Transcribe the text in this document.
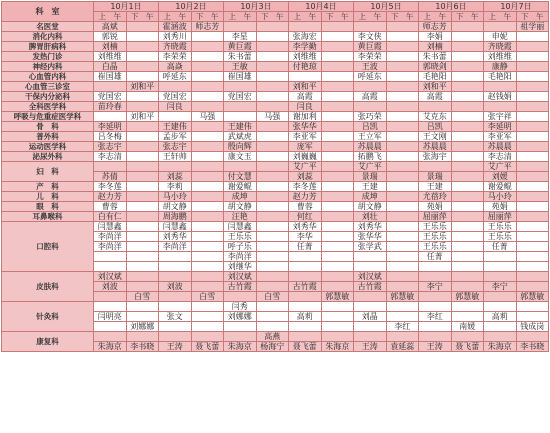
科　室	10月1日		10月2日		10月3日		10月4日		10月5日		10月6日		10月7日	
	上　午	下　午	上　午	下　午	上　午	下　午	上　午	下　午	上　午	下　午	上　午	下　午	上　午	下　午
名医堂	高斌		霍涵波	师志芳							师志芳			祖学丽
消化内科	郭锐		刘秀川		李星		张海宏		李文侠		李娟		申妮	
脾胃肝病科	刘楠		齐晓霞		黄巨霞		李学勤		黄巨霞		刘楠		齐晓霞	
发热门诊	刘维维		李荣荣		朱书蕾		刘维维		李荣荣		朱书蕾		刘维维	
神经内科	白晶		高焱		王敏		付艳琼		王波		郭晓剑		康静	
心血管内科	崔国雄		呼延东		崔国雄				呼延东		毛艳阳		毛艳阳	
心血管三诊室		刘和平					刘和平				刘和平			
干保内分泌科	党国宏		党国宏		党国宏		高霞		高霞		高霞		赵钱娟	
全科医学科	苗玲春		闫良				闫良							
呼吸与危重症医学科		刘和平		马强		马强	谢加利		张巧荣		艾克东		张宇祥	
骨　科	李延明		王建伟		王建伟		张华华		吕凯		吕凯		李延明	
普外科	吕冬梅		孟步军		武斌虎		李亚军		王立军		王文刚		李亚军	
运动医学科	张志宇		张志宇		殷向辉		庞军		苏晨晨		苏晨晨		苏晨晨	
泌尿外科	李志清		王轩帅		康文玉		刘巍巍		拓鹏飞		张海宇		李志清	
妇　科							艾广平		艾广平				艾广平	
	苏倩		刘蕊		付文慧		刘蕊		景瑞		景瑞		刘媛	
产　科	李冬莲		李莉		谢爱鲲		李冬莲		王建		王建		谢爱鲲	
儿　科	赵力芳		马小玲		成坤		赵力芳		成坤		尤蓓玲		马小玲	
眼　科	曹蓉		胡文静		胡文静		曹蓉		胡文静		苑娟		苑娟	
耳鼻喉科	白有仁		周海鹏		汪艳		何红		刘壮		屈丽萍		屈丽萍	
口腔科	闫慧鑫		闫慧鑫		闫慧鑫		刘秀华		刘秀华		王乐乐		王乐乐	
	李尚洋		刘秀华		王乐乐		李华		张华华		王乐乐		王乐乐	
	李尚洋		李尚洋		呼子乐		任菁		张学武		王乐乐		任菁	
					李尚洋						任菁			
					刘继华									
皮肤科	刘汉斌				刘汉斌				刘汉斌					
	刘波		刘波		古竹霞		古竹霞		古竹霞		李宁		李宁	
		白雪		白雪		白雪		郭慧敏		郭慧敏		郭慧敏		郭慧敏
针灸科					闫秀									
	闫明亮		张文		刘娜娜		高莉		刘晶		李红		高莉	
		刘娜娜								李红		南媛		钱成岗
康复科						高燕								
	朱海京	李书晓	王涛	聂飞蕾	朱海京	杨海宁	聂飞蕾	朱海京	王涛	袁延蕊	王涛	聂飞蕾	朱海京	李书晓
